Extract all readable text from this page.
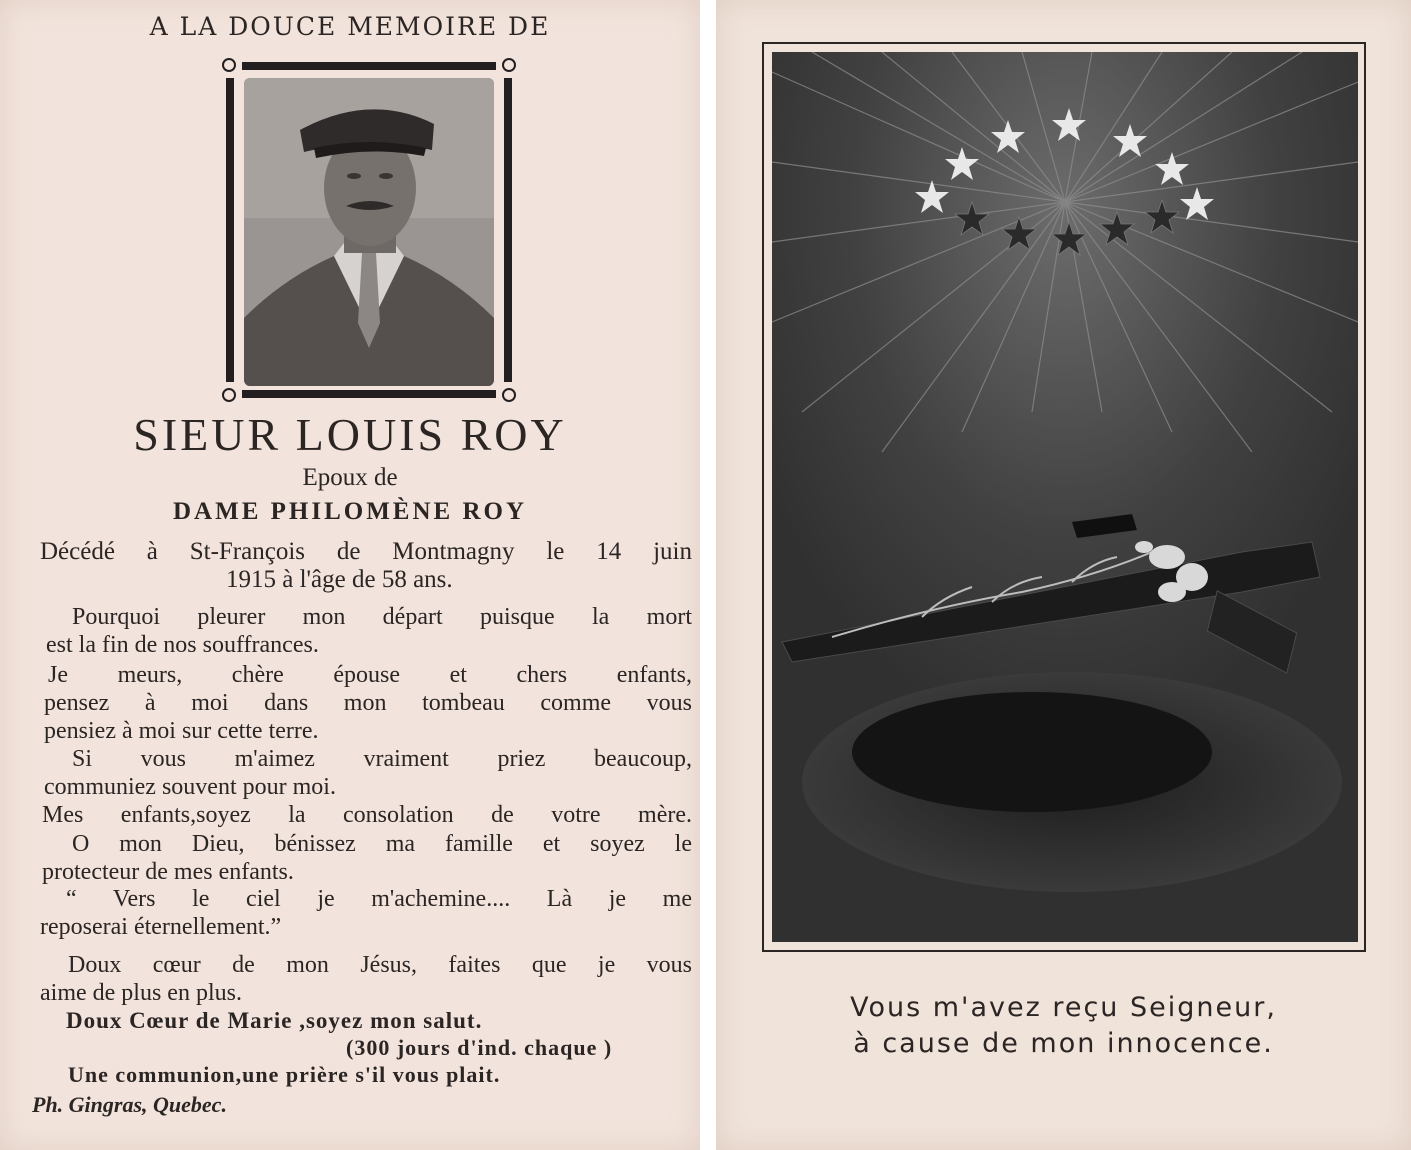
A LA DOUCE MEMOIRE DE
SIEUR LOUIS ROY
Epoux de
DAME PHILOMÈNE ROY
Décédé à St-François de Montmagny le 14 juin
1915 à l'âge de 58 ans.
Pourquoi pleurer mon départ puisque la mort
est la fin de nos souffrances.
Je meurs, chère épouse et chers enfants,
pensez à moi dans mon tombeau comme vous
pensiez à moi sur cette terre.
Si vous m'aimez vraiment priez beaucoup,
communiez souvent pour moi.
Mes enfants,soyez la consolation de votre mère.
O mon Dieu, bénissez ma famille et soyez le
protecteur de mes enfants.
“ Vers le ciel je m'achemine.... Là je me
reposerai éternellement.”
Doux cœur de mon Jésus, faites que je vous
aime de plus en plus.
Doux Cœur de Marie ,soyez mon salut.
(300 jours d'ind. chaque )
Une communion,une prière s'il vous plait.
Ph. Gingras, Quebec.
Vous m'avez reçu Seigneur,
à cause de mon innocence.
